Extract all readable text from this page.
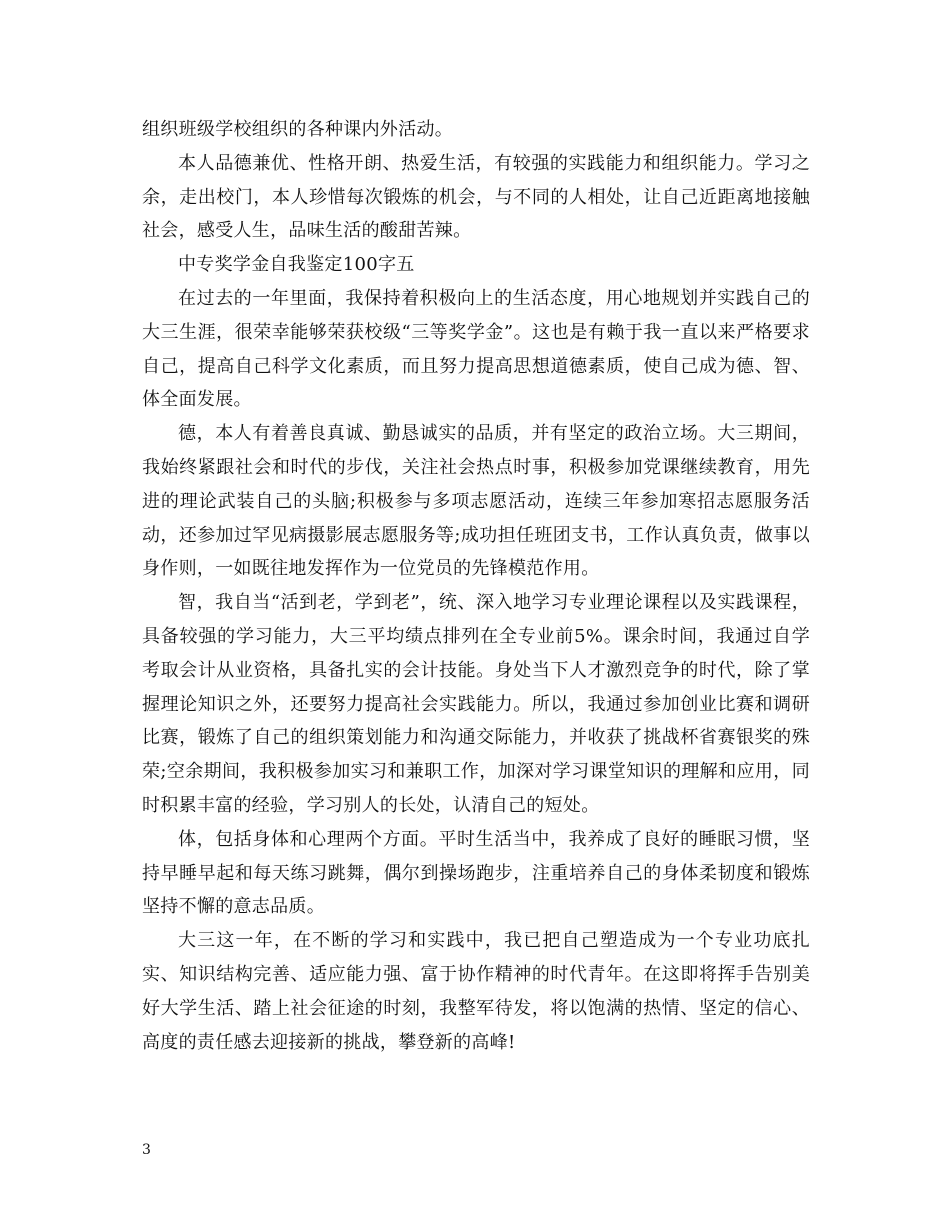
组织班级学校组织的各种课内外活动。

本人品德兼优、性格开朗、热爱生活，有较强的实践能力和组织能力。学习之余，走出校门，本人珍惜每次锻炼的机会，与不同的人相处，让自己近距离地接触社会，感受人生，品味生活的酸甜苦辣。

中专奖学金自我鉴定100字五

在过去的一年里面，我保持着积极向上的生活态度，用心地规划并实践自己的大三生涯，很荣幸能够荣获校级“三等奖学金”。这也是有赖于我一直以来严格要求自己，提高自己科学文化素质，而且努力提高思想道德素质，使自己成为德、智、体全面发展。

德，本人有着善良真诚、勤恳诚实的品质，并有坚定的政治立场。大三期间，我始终紧跟社会和时代的步伐，关注社会热点时事，积极参加党课继续教育，用先进的理论武装自己的头脑;积极参与多项志愿活动，连续三年参加寒招志愿服务活动，还参加过罕见病摄影展志愿服务等;成功担任班团支书，工作认真负责，做事以身作则，一如既往地发挥作为一位党员的先锋模范作用。

智，我自当“活到老，学到老”，统、深入地学习专业理论课程以及实践课程，具备较强的学习能力，大三平均绩点排列在全专业前5%。课余时间，我通过自学考取会计从业资格，具备扎实的会计技能。身处当下人才激烈竞争的时代，除了掌握理论知识之外，还要努力提高社会实践能力。所以，我通过参加创业比赛和调研比赛，锻炼了自己的组织策划能力和沟通交际能力，并收获了挑战杯省赛银奖的殊荣;空余期间，我积极参加实习和兼职工作，加深对学习课堂知识的理解和应用，同时积累丰富的经验，学习别人的长处，认清自己的短处。

体，包括身体和心理两个方面。平时生活当中，我养成了良好的睡眠习惯，坚持早睡早起和每天练习跳舞，偶尔到操场跑步，注重培养自己的身体柔韧度和锻炼坚持不懈的意志品质。

大三这一年，在不断的学习和实践中，我已把自己塑造成为一个专业功底扎实、知识结构完善、适应能力强、富于协作精神的时代青年。在这即将挥手告别美好大学生活、踏上社会征途的时刻，我整军待发，将以饱满的热情、坚定的信心、高度的责任感去迎接新的挑战，攀登新的高峰!

3
